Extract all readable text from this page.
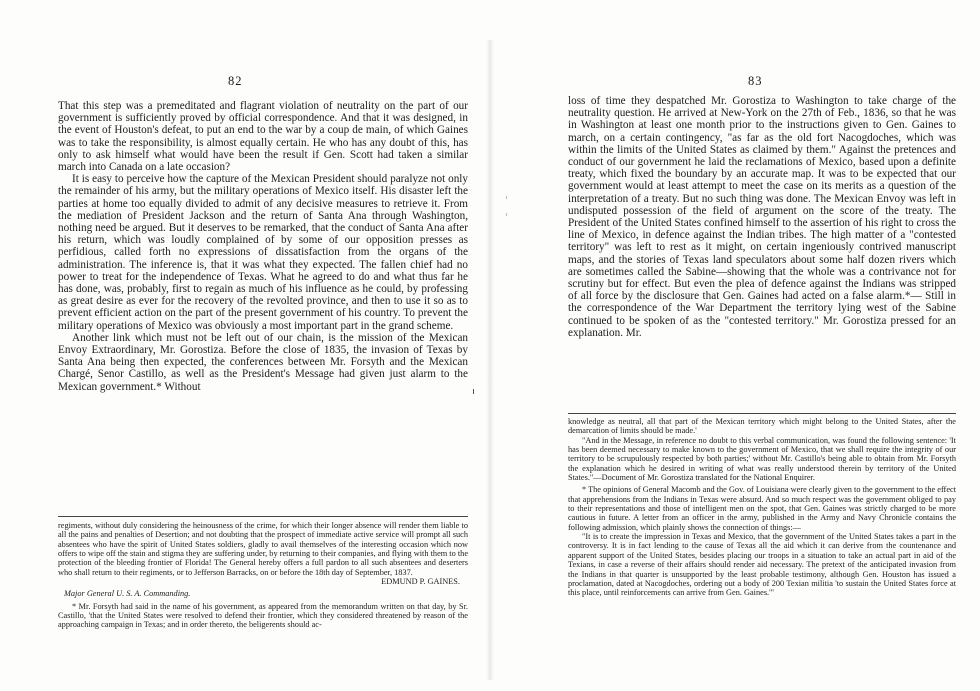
82

That this step was a premeditated and flagrant violation of neutrality on the part of our government is sufficiently proved by official correspondence. And that it was designed, in the event of Houston's defeat, to put an end to the war by a coup de main, of which Gaines was to take the responsibility, is almost equally certain. He who has any doubt of this, has only to ask himself what would have been the result if Gen. Scott had taken a similar march into Canada on a late occasion?

It is easy to perceive how the capture of the Mexican President should paralyze not only the remainder of his army, but the military operations of Mexico itself. His disaster left the parties at home too equally divided to admit of any decisive measures to retrieve it. From the mediation of President Jackson and the return of Santa Ana through Washington, nothing need be argued. But it deserves to be remarked, that the conduct of Santa Ana after his return, which was loudly complained of by some of our opposition presses as perfidious, called forth no expressions of dissatisfaction from the organs of the administration. The inference is, that it was what they expected. The fallen chief had no power to treat for the independence of Texas. What he agreed to do and what thus far he has done, was, probably, first to regain as much of his influence as he could, by professing as great desire as ever for the recovery of the revolted province, and then to use it so as to prevent efficient action on the part of the present government of his country. To prevent the military operations of Mexico was obviously a most important part in the grand scheme.

Another link which must not be left out of our chain, is the mission of the Mexican Envoy Extraordinary, Mr. Gorostiza. Before the close of 1835, the invasion of Texas by Santa Ana being then expected, the conferences between Mr. Forsyth and the Mexican Chargé, Senor Castillo, as well as the President's Message had given just alarm to the Mexican government.* Without

regiments, without duly considering the heinousness of the crime, for which their longer absence will render them liable to all the pains and penalties of Desertion; and not doubting that the prospect of immediate active service will prompt all such absentees who have the spirit of United States soldiers, gladly to avail themselves of the interesting occasion which now offers to wipe off the stain and stigma they are suffering under, by returning to their companies, and flying with them to the protection of the bleeding frontier of Florida! The General hereby offers a full pardon to all such absentees and deserters who shall return to their regiments, or to Jefferson Barracks, on or before the 18th day of September, 1837.

EDMUND P. GAINES.

Major General U. S. A. Commanding.

* Mr. Forsyth had said in the name of his government, as appeared from the memorandum written on that day, by Sr. Castillo, 'that the United States were resolved to defend their frontier, which they considered threatened by reason of the approaching campaign in Texas; and in order thereto, the beligerents should ac-

83

loss of time they despatched Mr. Gorostiza to Washington to take charge of the neutrality question. He arrived at New-York on the 27th of Feb., 1836, so that he was in Washington at least one month prior to the instructions given to Gen. Gaines to march, on a certain contingency, "as far as the old fort Nacogdoches, which was within the limits of the United States as claimed by them." Against the pretences and conduct of our government he laid the reclamations of Mexico, based upon a definite treaty, which fixed the boundary by an accurate map. It was to be expected that our government would at least attempt to meet the case on its merits as a question of the interpretation of a treaty. But no such thing was done. The Mexican Envoy was left in undisputed possession of the field of argument on the score of the treaty. The President of the United States confined himself to the assertion of his right to cross the line of Mexico, in defence against the Indian tribes. The high matter of a "contested territory" was left to rest as it might, on certain ingeniously contrived manuscript maps, and the stories of Texas land speculators about some half dozen rivers which are sometimes called the Sabine—showing that the whole was a contrivance not for scrutiny but for effect. But even the plea of defence against the Indians was stripped of all force by the disclosure that Gen. Gaines had acted on a false alarm.*— Still in the correspondence of the War Department the territory lying west of the Sabine continued to be spoken of as the "contested territory." Mr. Gorostiza pressed for an explanation. Mr.

knowledge as neutral, all that part of the Mexican territory which might belong to the United States, after the demarcation of limits should be made.'

"And in the Message, in reference no doubt to this verbal communication, was found the following sentence: 'It has been deemed necessary to make known to the government of Mexico, that we shall require the integrity of our territory to be scrupulously respected by both parties;' without Mr. Castillo's being able to obtain from Mr. Forsyth the explanation which he desired in writing of what was really understood therein by territory of the United States."—Document of Mr. Gorostiza translated for the National Enquirer.

* The opinions of General Macomb and the Gov. of Louisiana were clearly given to the government to the effect that apprehensions from the Indians in Texas were absurd. And so much respect was the government obliged to pay to their representations and those of intelligent men on the spot, that Gen. Gaines was strictly charged to be more cautious in future. A letter from an officer in the army, published in the Army and Navy Chronicle contains the following admission, which plainly shows the connection of things:—

"It is to create the impression in Texas and Mexico, that the government of the United States takes a part in the controversy. It is in fact lending to the cause of Texas all the aid which it can derive from the countenance and apparent support of the United States, besides placing our troops in a situation to take an actual part in aid of the Texians, in case a reverse of their affairs should render aid necessary. The pretext of the anticipated invasion from the Indians in that quarter is unsupported by the least probable testimony, although Gen. Houston has issued a proclamation, dated at Nacogdoches, ordering out a body of 200 Texian militia 'to sustain the United States force at this place, until reinforcements can arrive from Gen. Gaines.'"
